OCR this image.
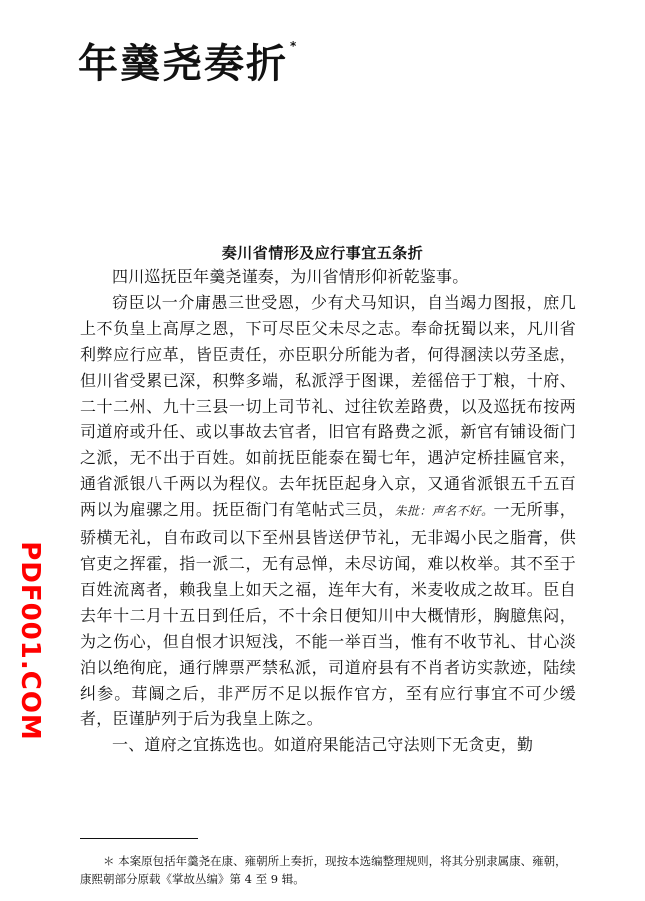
年羹尧奏折 *
奏川省情形及应行事宜五条折

四川巡抚臣年羹尧谨奏，为川省情形仰祈乾鉴事。

窃臣以一介庸愚三世受恩，少有犬马知识，自当竭力图报，庶几上不负皇上高厚之恩，下可尽臣父未尽之志。奉命抚蜀以来，凡川省利弊应行应革，皆臣责任，亦臣职分所能为者，何得溷渎以劳圣虑，但川省受累已深，积弊多端，私派浮于图课，差徭倍于丁粮，十府、二十二州、九十三县一切上司节礼、过往钦差路费，以及巡抚布按两司道府或升任、或以事故去官者，旧官有路费之派，新官有铺设衙门之派，无不出于百姓。如前抚臣能泰在蜀七年，遇泸定桥挂匾官来，通省派银八千两以为程仪。去年抚臣起身入京，又通省派银五千五百两以为雇骡之用。抚臣衙门有笔帖式三员，朱批：声名不好。一无所事，骄横无礼，自布政司以下至州县皆送伊节礼，无非竭小民之脂膏，供官吏之挥霍，指一派二，无有忌惮，未尽访闻，难以枚举。其不至于百姓流离者，赖我皇上如天之福，连年大有，米麦收成之故耳。臣自去年十二月十五日到任后，不十余日便知川中大概情形，胸臆焦闷，为之伤心，但自恨才识短浅，不能一举百当，惟有不收节礼、甘心淡泊以绝徇庇，通行牌票严禁私派，司道府县有不肖者访实款迹，陆续纠参。茸阘之后，非严厉不足以振作官方，至有应行事宜不可少缓者，臣谨胪列于后为我皇上陈之。

一、道府之宜拣选也。如道府果能洁己守法则下无贪吏，勤

＊ 本案原包括年羹尧在康、雍朝所上奏折，现按本选编整理规则，将其分别隶属康、雍朝，康熙朝部分原载《掌故丛编》第 4 至 9 辑。
PDF001.COM
